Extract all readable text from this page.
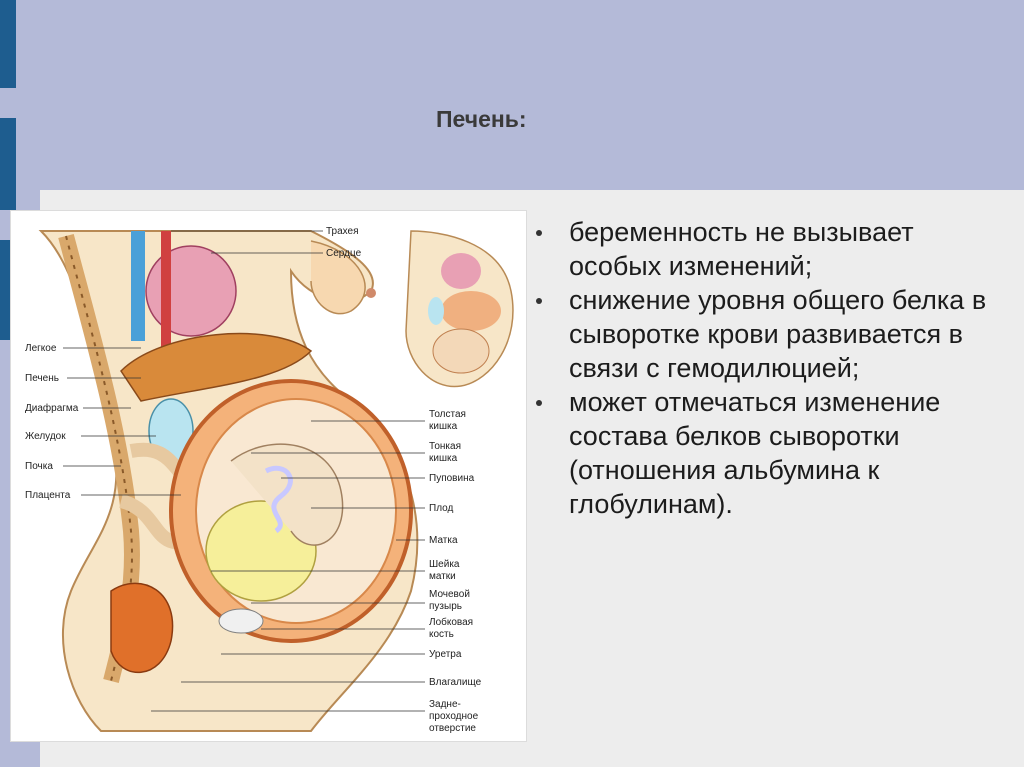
Печень:
Легкое
Печень
Диафрагма
Желудок
Почка
Плацента
Трахея
Сердце
Толстая
кишка
Тонкая
кишка
Пуповина
Плод
Матка
Шейка
матки
Мочевой
пузырь
Лобковая
кость
Уретра
Влагалище
Задне-
проходное
отверстие
беременность не вызывает особых изменений;
снижение уровня общего белка в сыворотке крови развивается в связи с гемодилюцией;
может отмечаться изменение состава белков сыворотки (отношения альбумина к глобулинам).
